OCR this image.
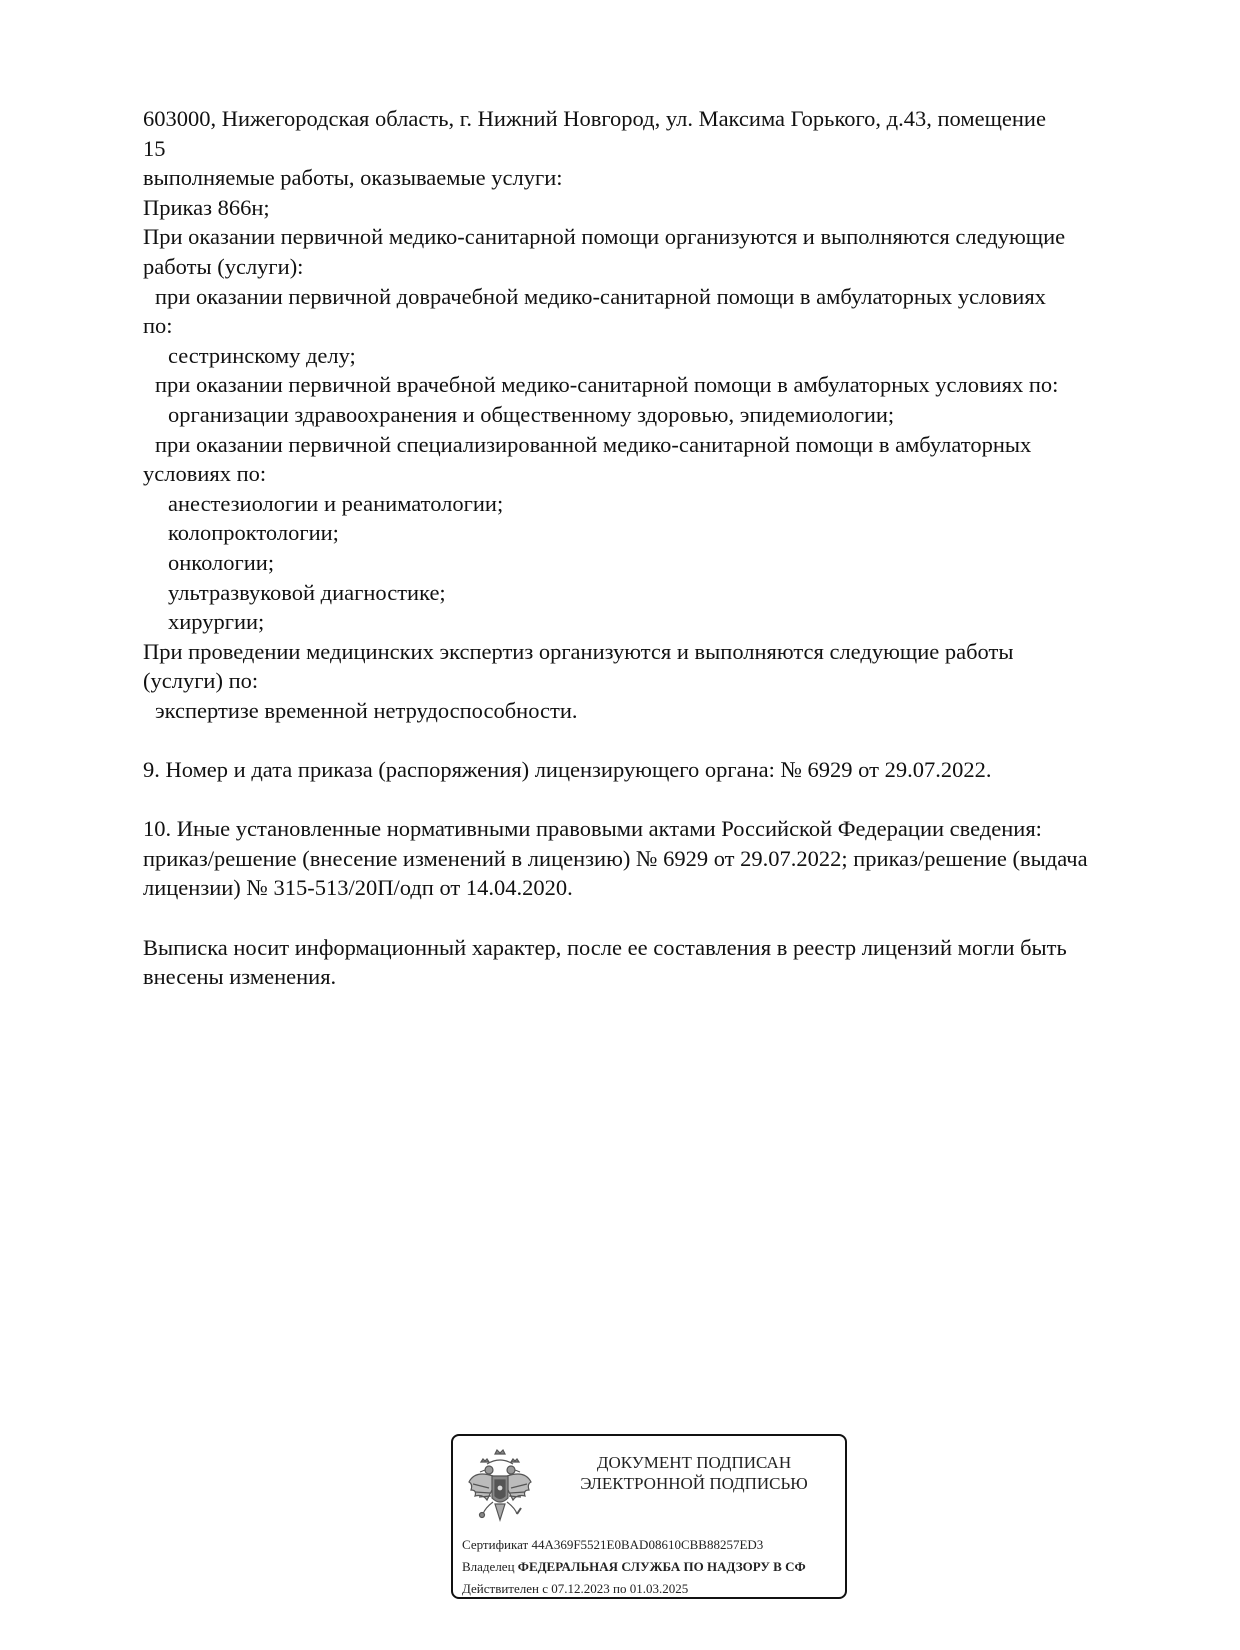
603000, Нижегородская область, г. Нижний Новгород, ул. Максима Горького, д.43, помещение
15
выполняемые работы, оказываемые услуги:
Приказ 866н;
При оказании первичной медико-санитарной помощи организуются и выполняются следующие
работы (услуги):
при оказании первичной доврачебной медико-санитарной помощи в амбулаторных условиях
по:
сестринскому делу;
при оказании первичной врачебной медико-санитарной помощи в амбулаторных условиях по:
организации здравоохранения и общественному здоровью, эпидемиологии;
при оказании первичной специализированной медико-санитарной помощи в амбулаторных
условиях по:
анестезиологии и реаниматологии;
колопроктологии;
онкологии;
ультразвуковой диагностике;
хирургии;
При проведении медицинских экспертиз организуются и выполняются следующие работы
(услуги) по:
экспертизе временной нетрудоспособности.
9. Номер и дата приказа (распоряжения) лицензирующего органа: № 6929 от 29.07.2022.
10. Иные установленные нормативными правовыми актами Российской Федерации сведения:
приказ/решение (внесение изменений в лицензию) № 6929 от 29.07.2022; приказ/решение (выдача
лицензии) № 315-513/20П/одп от 14.04.2020.
Выписка носит информационный характер, после ее составления в реестр лицензий могли быть
внесены изменения.
ДОКУМЕНТ ПОДПИСАН
ЭЛЕКТРОННОЙ ПОДПИСЬЮ
Сертификат 44A369F5521E0BAD08610CBB88257ED3
Владелец ФЕДЕРАЛЬНАЯ СЛУЖБА ПО НАДЗОРУ В СФ
Действителен с 07.12.2023 по 01.03.2025
